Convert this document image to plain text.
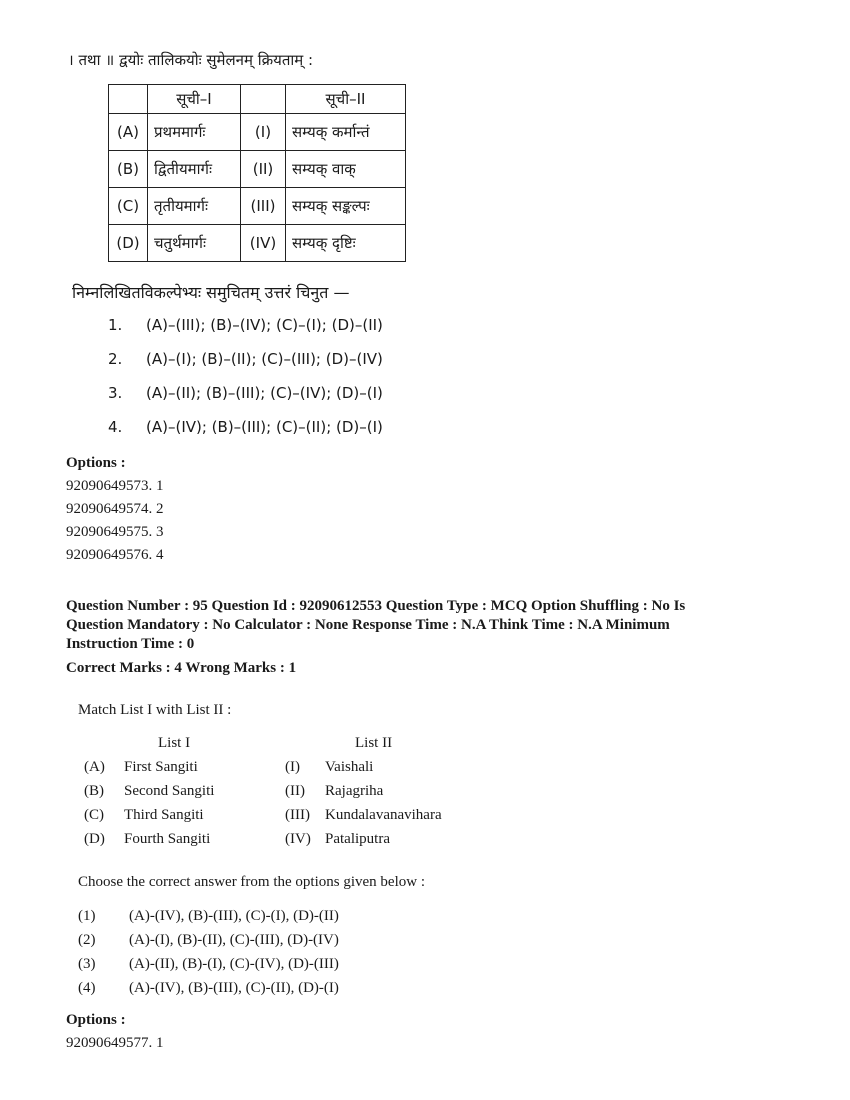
। तथा ॥ द्वयोः तालिकयोः सुमेलनम् क्रियताम् :
	सूची–I		सूची–II
(A)	प्रथममार्गः	(I)	सम्यक् कर्मान्तं
(B)	द्वितीयमार्गः	(II)	सम्यक् वाक्
(C)	तृतीयमार्गः	(III)	सम्यक् सङ्कल्पः
(D)	चतुर्थमार्गः	(IV)	सम्यक् दृष्टिः
निम्नलिखितविकल्पेभ्यः समुचितम् उत्तरं चिनुत —
1. (A)–(III); (B)–(IV); (C)–(I); (D)–(II)
2. (A)–(I); (B)–(II); (C)–(III); (D)–(IV)
3. (A)–(II); (B)–(III); (C)–(IV); (D)–(I)
4. (A)–(IV); (B)–(III); (C)–(II); (D)–(I)
Options :
92090649573. 1
92090649574. 2
92090649575. 3
92090649576. 4
Question Number : 95 Question Id : 92090612553 Question Type : MCQ Option Shuffling : No Is
Question Mandatory : No Calculator : None Response Time : N.A Think Time : N.A Minimum
Instruction Time : 0
Correct Marks : 4 Wrong Marks : 1
Match List I with List II :
List I	List II
(A) First Sangiti	(I) Vaishali
(B) Second Sangiti	(II) Rajagriha
(C) Third Sangiti	(III) Kundalavanavihara
(D) Fourth Sangiti	(IV) Pataliputra
Choose the correct answer from the options given below :
(1) (A)-(IV), (B)-(III), (C)-(I), (D)-(II)
(2) (A)-(I), (B)-(II), (C)-(III), (D)-(IV)
(3) (A)-(II), (B)-(I), (C)-(IV), (D)-(III)
(4) (A)-(IV), (B)-(III), (C)-(II), (D)-(I)
Options :
92090649577. 1
